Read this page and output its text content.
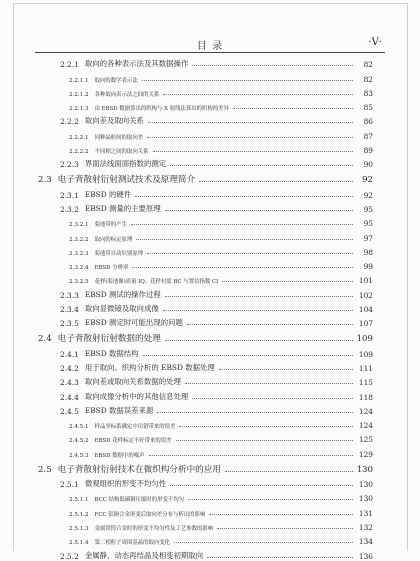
目 录	·Ⅴ·
2.2.1 取向的各种表示法及其数据操作	82
2.2.1.1 取向的数学表示法	82
2.2.1.2 各种取向表示法之间的关系	83
2.2.1.3 由 EBSD 数据算出的织构与 X 射线法算出的织构的差异	85
2.2.2 取向差及取向关系	86
2.2.2.1 同种晶粒间的取向差	87
2.2.2.2 不同相之间的取向关系	89
2.2.3 界面法线面面指数的测定	90
2.3 电子背散射衍射测试技术及原理简介	92
2.3.1 EBSD 的硬件	92
2.3.2 EBSD 测量的主要原理	95
2.3.2.1 菊池带的产生	95
2.3.2.2 取向的标定原理	97
2.3.2.3 菊池带自动识别原理	98
2.3.2.4 EBSD 分辨率	99
2.3.2.5 花样(菊池像)质量 IQ、花样衬度 BC 与置信指数 CI	101
2.3.3 EBSD 测试的操作过程	102
2.3.4 取向显微镜及取向成像	104
2.3.5 EBSD 测定时可能出现的问题	107
2.4 电子背散射衍射数据的处理	109
2.4.1 EBSD 数据结构	109
2.4.2 用于取向、织构分析的 EBSD 数据处理	111
2.4.3 取向差或取向关系数据的处理	115
2.4.4 取向成像分析中的其他信息处理	118
2.4.5 EBSD 数据误差来源	124
2.4.5.1 样品坐标系确定中出错带来的误差	124
2.4.5.2 EBSD 花样标定不好带来的误差	125
2.4.5.3 EBSD 数据中的噪声	129
2.5 电子背散射衍射技术在微织构分析中的应用	130
2.5.1 微观组织的形变不均匀性	130
2.5.1.1 BCC 结构低碳钢压缩时的形变不均匀	130
2.5.1.2 FCC 铝铜合金形变后取向差分布与析出的影响	131
2.5.1.3 金属镁铸合金时的形变不均匀性及工艺参数的影响	132
2.5.1.4 第二相粒子周围基晶的取向变化	134
2.5.2 金属静、动态再结晶及相变初期取向	136
